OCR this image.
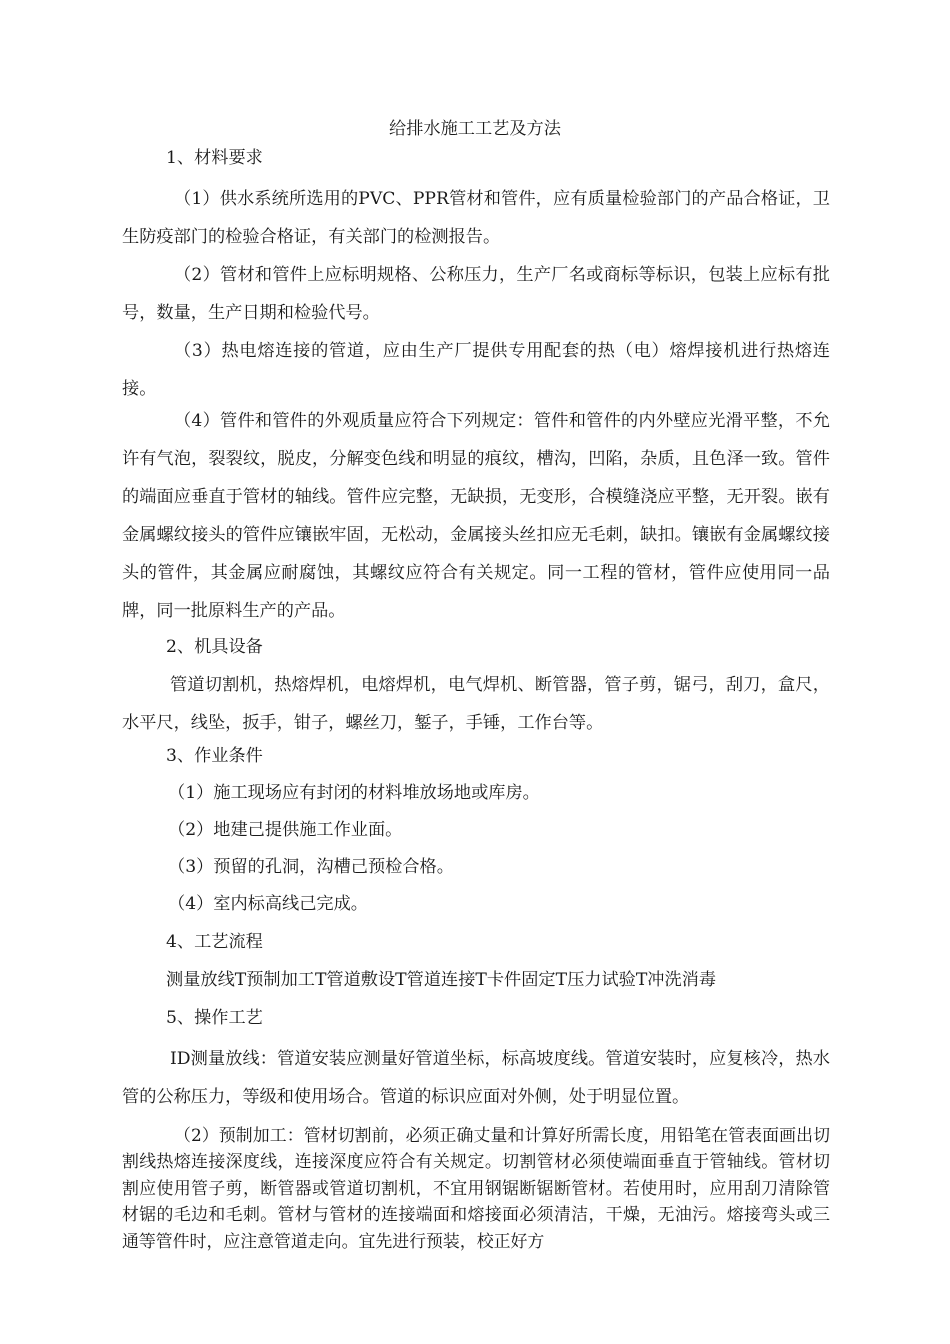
给排水施工工艺及方法
1、材料要求
（1）供水系统所选用的PVC、PPR管材和管件，应有质量检验部门的产品合格证，卫生防疫部门的检验合格证，有关部门的检测报告。
（2）管材和管件上应标明规格、公称压力，生产厂名或商标等标识，包装上应标有批号，数量，生产日期和检验代号。
（3）热电熔连接的管道，应由生产厂提供专用配套的热（电）熔焊接机进行热熔连接。
（4）管件和管件的外观质量应符合下列规定：管件和管件的内外壁应光滑平整，不允许有气泡，裂裂纹，脱皮，分解变色线和明显的痕纹，槽沟，凹陷，杂质，且色泽一致。管件的端面应垂直于管材的轴线。管件应完整，无缺损，无变形，合模缝浇应平整，无开裂。嵌有金属螺纹接头的管件应镶嵌牢固，无松动，金属接头丝扣应无毛刺，缺扣。镶嵌有金属螺纹接头的管件，其金属应耐腐蚀，其螺纹应符合有关规定。同一工程的管材，管件应使用同一品牌，同一批原料生产的产品。
2、机具设备
管道切割机，热熔焊机，电熔焊机，电气焊机、断管器，管子剪，锯弓，刮刀，盒尺，水平尺，线坠，扳手，钳子，螺丝刀，錾子，手锤，工作台等。
3、作业条件
（1）施工现场应有封闭的材料堆放场地或库房。
（2）地建己提供施工作业面。
（3）预留的孔洞，沟槽己预检合格。
（4）室内标高线己完成。
4、工艺流程
测量放线T预制加工T管道敷设T管道连接T卡件固定T压力试验T冲洗消毒
5、操作工艺
ID测量放线：管道安装应测量好管道坐标，标高坡度线。管道安装时，应复核冷，热水管的公称压力，等级和使用场合。管道的标识应面对外侧，处于明显位置。
（2）预制加工：管材切割前，必须正确丈量和计算好所需长度，用铅笔在管表面画出切割线热熔连接深度线，连接深度应符合有关规定。切割管材必须使端面垂直于管轴线。管材切割应使用管子剪，断管器或管道切割机，不宜用钢锯断锯断管材。若使用时，应用刮刀清除管材锯的毛边和毛刺。管材与管材的连接端面和熔接面必须清洁，干燥，无油污。熔接弯头或三通等管件时，应注意管道走向。宜先进行预装，校正好方
